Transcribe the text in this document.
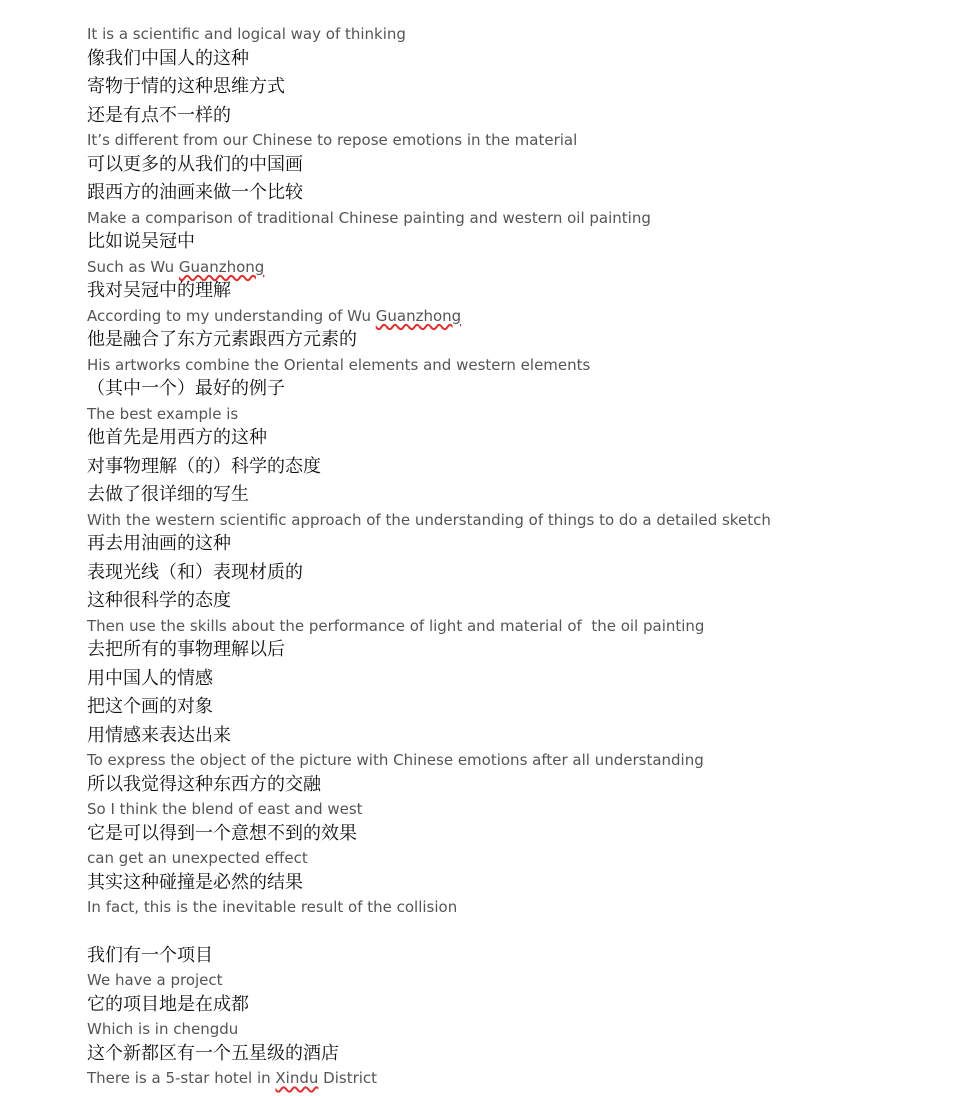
It is a scientific and logical way of thinking
像我们中国人的这种
寄物于情的这种思维方式
还是有点不一样的
It’s different from our Chinese to repose emotions in the material
可以更多的从我们的中国画
跟西方的油画来做一个比较
Make a comparison of traditional Chinese painting and western oil painting
比如说吴冠中
Such as Wu Guanzhong
我对吴冠中的理解
According to my understanding of Wu Guanzhong
他是融合了东方元素跟西方元素的
His artworks combine the Oriental elements and western elements
（其中一个）最好的例子
The best example is
他首先是用西方的这种
对事物理解（的）科学的态度
去做了很详细的写生
With the western scientific approach of the understanding of things to do a detailed sketch
再去用油画的这种
表现光线（和）表现材质的
这种很科学的态度
Then use the skills about the performance of light and material of  the oil painting
去把所有的事物理解以后
用中国人的情感
把这个画的对象
用情感来表达出来
To express the object of the picture with Chinese emotions after all understanding
所以我觉得这种东西方的交融
So I think the blend of east and west
它是可以得到一个意想不到的效果
can get an unexpected effect
其实这种碰撞是必然的结果
In fact, this is the inevitable result of the collision
我们有一个项目
We have a project
它的项目地是在成都
Which is in chengdu
这个新都区有一个五星级的酒店
There is a 5-star hotel in Xindu District
